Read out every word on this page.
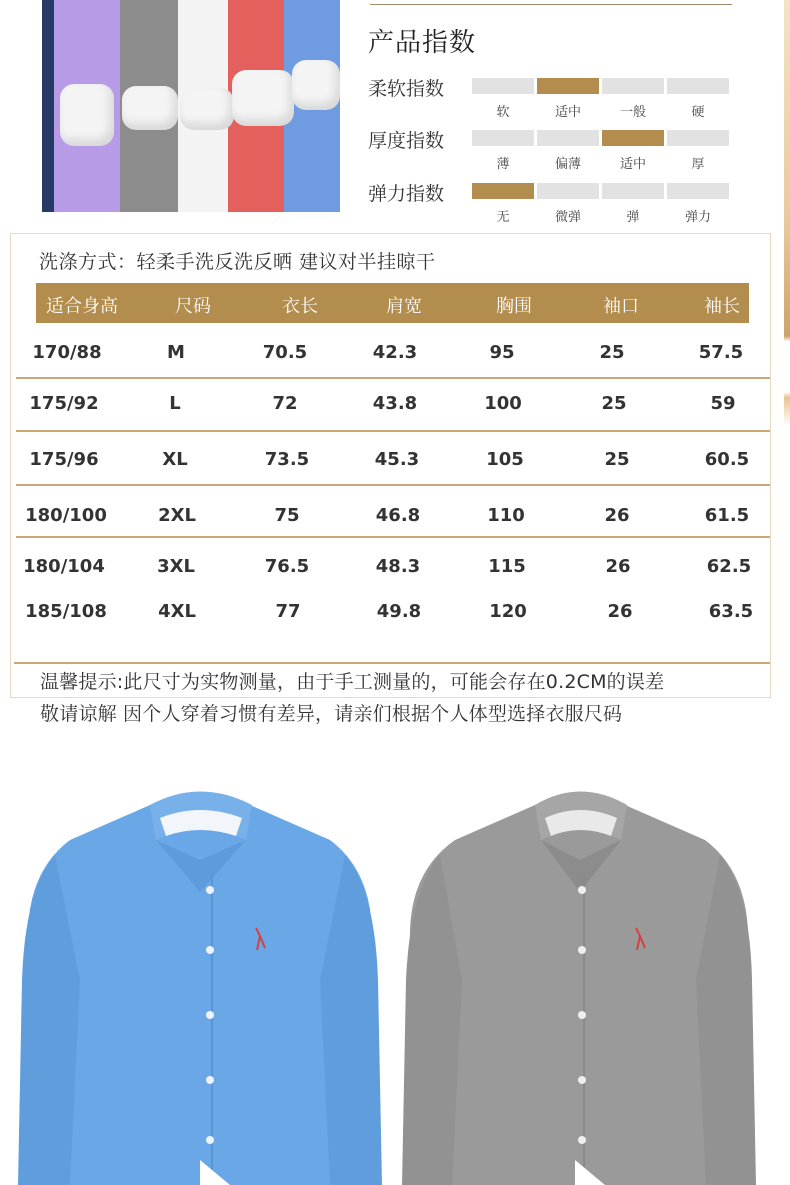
产品指数
柔软指数
软	适中	一般	硬
厚度指数
薄	偏薄	适中	厚
弹力指数
无	微弹	弹	弹力
洗涤方式：轻柔手洗反洗反晒 建议对半挂晾干
适合身高	尺码	衣长	肩宽	胸围	袖口	袖长
170/88	M	70.5	42.3	95	25	57.5
175/92	L	72	43.8	100	25	59
175/96	XL	73.5	45.3	105	25	60.5
180/100	2XL	75	46.8	110	26	61.5
180/104	3XL	76.5	48.3	115	26	62.5
185/108	4XL	77	49.8	120	26	63.5
温馨提示:此尺寸为实物测量，由于手工测量的，可能会存在0.2CM的误差
敬请谅解 因个人穿着习惯有差异，请亲们根据个人体型选择衣服尺码
